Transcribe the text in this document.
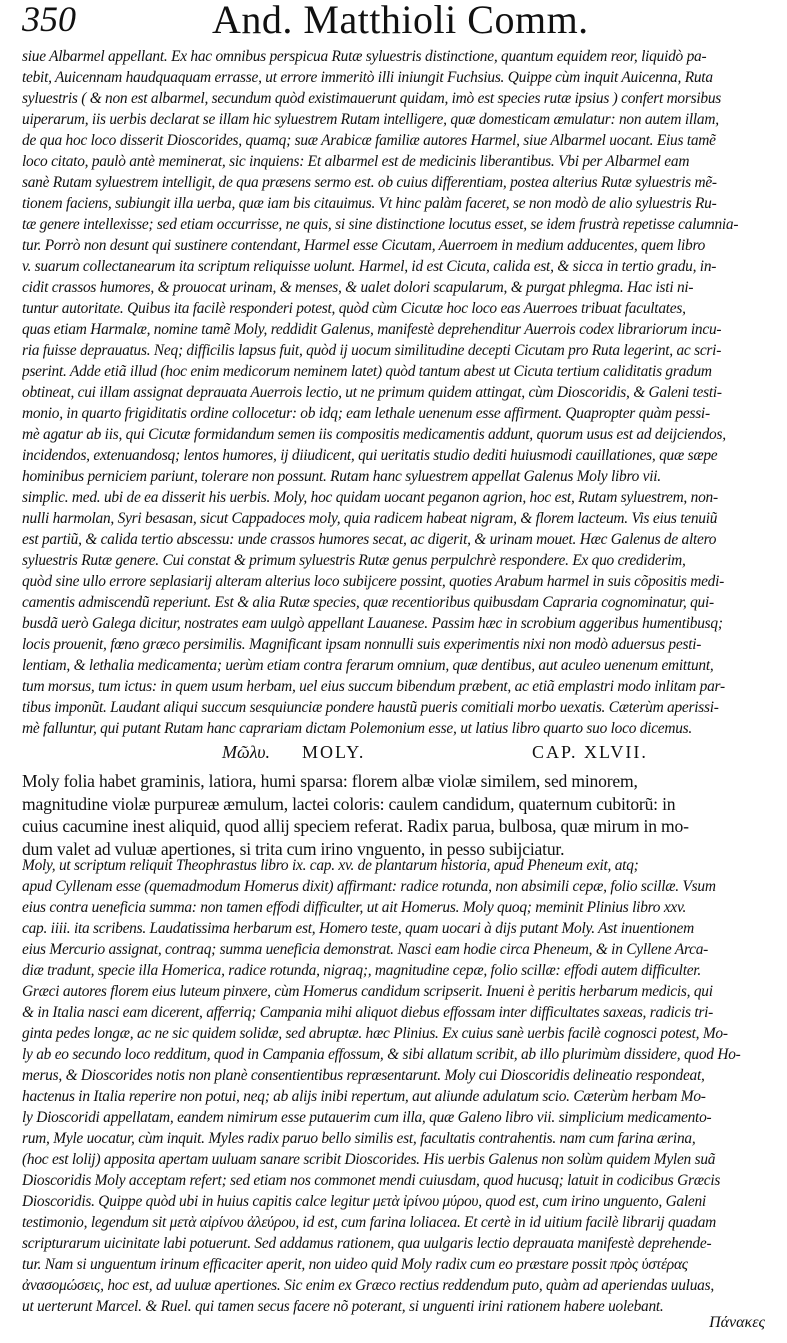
350	And. Matthioli Comm.
siue Albarmel appellant. Ex hac omnibus perspicua Rutæ syluestris distinctione, quantum equidem reor, liquidò pa-
tebit, Auicennam haudquaquam errasse, ut errore immeritò illi iniungit Fuchsius. Quippe cùm inquit Auicenna, Ruta
syluestris ( & non est albarmel, secundum quòd existimauerunt quidam, imò est species rutæ ipsius ) confert morsibus
uiperarum, iis uerbis declarat se illam hic syluestrem Rutam intelligere, quæ domesticam æmulatur: non autem illam,
de qua hoc loco disserit Dioscorides, quamq; suæ Arabicæ familiæ autores Harmel, siue Albarmel uocant. Eius tamẽ
loco citato, paulò antè meminerat, sic inquiens: Et albarmel est de medicinis liberantibus. Vbi per Albarmel eam
sanè Rutam syluestrem intelligit, de qua præsens sermo est. ob cuius differentiam, postea alterius Rutæ syluestris mẽ-
tionem faciens, subiungit illa uerba, quæ iam bis citauimus. Vt hinc palàm faceret, se non modò de alio syluestris Ru-
tæ genere intellexisse; sed etiam occurrisse, ne quis, si sine distinctione locutus esset, se idem frustrà repetisse calumnia-
tur. Porrò non desunt qui sustinere contendant, Harmel esse Cicutam, Auerroem in medium adducentes, quem libro
v. suarum collectanearum ita scriptum reliquisse uolunt. Harmel, id est Cicuta, calida est, & sicca in tertio gradu, in-
cidit crassos humores, & prouocat urinam, & menses, & ualet dolori scapularum, & purgat phlegma. Hac isti ni-
tuntur autoritate. Quibus ita facilè responderi potest, quòd cùm Cicutæ hoc loco eas Auerroes tribuat facultates,
quas etiam Harmalæ, nomine tamẽ Moly, reddidit Galenus, manifestè deprehenditur Auerrois codex librariorum incu-
ria fuisse deprauatus. Neq; difficilis lapsus fuit, quòd ij uocum similitudine decepti Cicutam pro Ruta legerint, ac scri-
pserint. Adde etiã illud (hoc enim medicorum neminem latet) quòd tantum abest ut Cicuta tertium caliditatis gradum
obtineat, cui illam assignat deprauata Auerrois lectio, ut ne primum quidem attingat, cùm Dioscoridis, & Galeni testi-
monio, in quarto frigiditatis ordine collocetur: ob idq; eam lethale uenenum esse affirment. Quapropter quàm pessi-
mè agatur ab iis, qui Cicutæ formidandum semen iis compositis medicamentis addunt, quorum usus est ad deijciendos,
incidendos, extenuandosq; lentos humores, ij diiudicent, qui ueritatis studio dediti huiusmodi cauillationes, quæ sæpe
hominibus perniciem pariunt, tolerare non possunt. Rutam hanc syluestrem appellat Galenus Moly libro vii.
simplic. med. ubi de ea disserit his uerbis. Moly, hoc quidam uocant peganon agrion, hoc est, Rutam syluestrem, non-
nulli harmolan, Syri besasan, sicut Cappadoces moly, quia radicem habeat nigram, & florem lacteum. Vis eius tenuiũ
est partiũ, & calida tertio abscessu: unde crassos humores secat, ac digerit, & urinam mouet. Hæc Galenus de altero
syluestris Rutæ genere. Cui constat & primum syluestris Rutæ genus perpulchrè respondere. Ex quo crediderim,
quòd sine ullo errore seplasiarij alteram alterius loco subijcere possint, quoties Arabum harmel in suis cõpositis medi-
camentis admiscendũ reperiunt. Est & alia Rutæ species, quæ recentioribus quibusdam Capraria cognominatur, qui-
busdã uerò Galega dicitur, nostrates eam uulgò appellant Lauanese. Passim hæc in scrobium aggeribus humentibusq;
locis prouenit, fœno græco persimilis. Magnificant ipsam nonnulli suis experimentis nixi non modò aduersus pesti-
lentiam, & lethalia medicamenta; uerùm etiam contra ferarum omnium, quæ dentibus, aut aculeo uenenum emittunt,
tum morsus, tum ictus: in quem usum herbam, uel eius succum bibendum præbent, ac etiã emplastri modo inlitam par-
tibus imponũt. Laudant aliqui succum sesquiunciæ pondere haustũ pueris comitiali morbo uexatis. Cæterùm aperissi-
mè falluntur, qui putant Rutam hanc caprariam dictam Polemonium esse, ut latius libro quarto suo loco dicemus.
Μῶλυ. MOLY.	CAP. XLVII.
Moly folia habet graminis, latiora, humi sparsa: florem albæ violæ similem, sed minorem,
magnitudine violæ purpureæ æmulum, lactei coloris: caulem candidum, quaternum cubitorũ: in
cuius cacumine inest aliquid, quod allij speciem referat. Radix parua, bulbosa, quæ mirum in mo-
dum valet ad vuluæ apertiones, si trita cum irino vnguento, in pesso subijciatur.
Moly, ut scriptum reliquit Theophrastus libro ix. cap. xv. de plantarum historia, apud Pheneum exit, atq;
apud Cyllenam esse (quemadmodum Homerus dixit) affirmant: radice rotunda, non absimili cepæ, folio scillæ. Vsum
eius contra ueneficia summa: non tamen effodi difficulter, ut ait Homerus. Moly quoq; meminit Plinius libro xxv.
cap. iiii. ita scribens. Laudatissima herbarum est, Homero teste, quam uocari à dijs putant Moly. Ast inuentionem
eius Mercurio assignat, contraq; summa ueneficia demonstrat. Nasci eam hodie circa Pheneum, & in Cyllene Arca-
diæ tradunt, specie illa Homerica, radice rotunda, nigraq;, magnitudine cepæ, folio scillæ: effodi autem difficulter.
Græci autores florem eius luteum pinxere, cùm Homerus candidum scripserit. Inueni è peritis herbarum medicis, qui
& in Italia nasci eam dicerent, afferriq; Campania mihi aliquot diebus effossam inter difficultates saxeas, radicis tri-
ginta pedes longæ, ac ne sic quidem solidæ, sed abruptæ. hæc Plinius. Ex cuius sanè uerbis facilè cognosci potest, Mo-
ly ab eo secundo loco redditum, quod in Campania effossum, & sibi allatum scribit, ab illo plurimùm dissidere, quod Ho-
merus, & Dioscorides notis non planè consentientibus repræsentarunt. Moly cui Dioscoridis delineatio respondeat,
hactenus in Italia reperire non potui, neq; ab alijs inibi repertum, aut aliunde adulatum scio. Cæterùm herbam Mo-
ly Dioscoridi appellatam, eandem nimirum esse putauerim cum illa, quæ Galeno libro vii. simplicium medicamento-
rum, Myle uocatur, cùm inquit. Myles radix paruo bello similis est, facultatis contrahentis. nam cum farina ærina,
(hoc est lolij) apposita apertam uuluam sanare scribit Dioscorides. His uerbis Galenus non solùm quidem Mylen suã
Dioscoridis Moly acceptam refert; sed etiam nos commonet mendi cuiusdam, quod hucusq; latuit in codicibus Græcis
Dioscoridis. Quippe quòd ubi in huius capitis calce legitur μετὰ ἰρίνου μύρου, quod est, cum irino unguento, Galeni
testimonio, legendum sit μετὰ αἰρίνου ἀλεύρου, id est, cum farina loliacea. Et certè in id uitium facilè librarij quadam
scripturarum uicinitate labi potuerunt. Sed addamus rationem, qua uulgaris lectio deprauata manifestè deprehende-
tur. Nam si unguentum irinum efficaciter aperit, non uideo quid Moly radix cum eo præstare possit πρὸς ὑστέρας
ἀνασομώσεις, hoc est, ad uuluæ apertiones. Sic enim ex Græco rectius reddendum puto, quàm ad aperiendas uuluas,
ut uerterunt Marcel. & Ruel. qui tamen secus facere nõ poterant, si unguenti irini rationem habere uolebant.
Πάνακες
